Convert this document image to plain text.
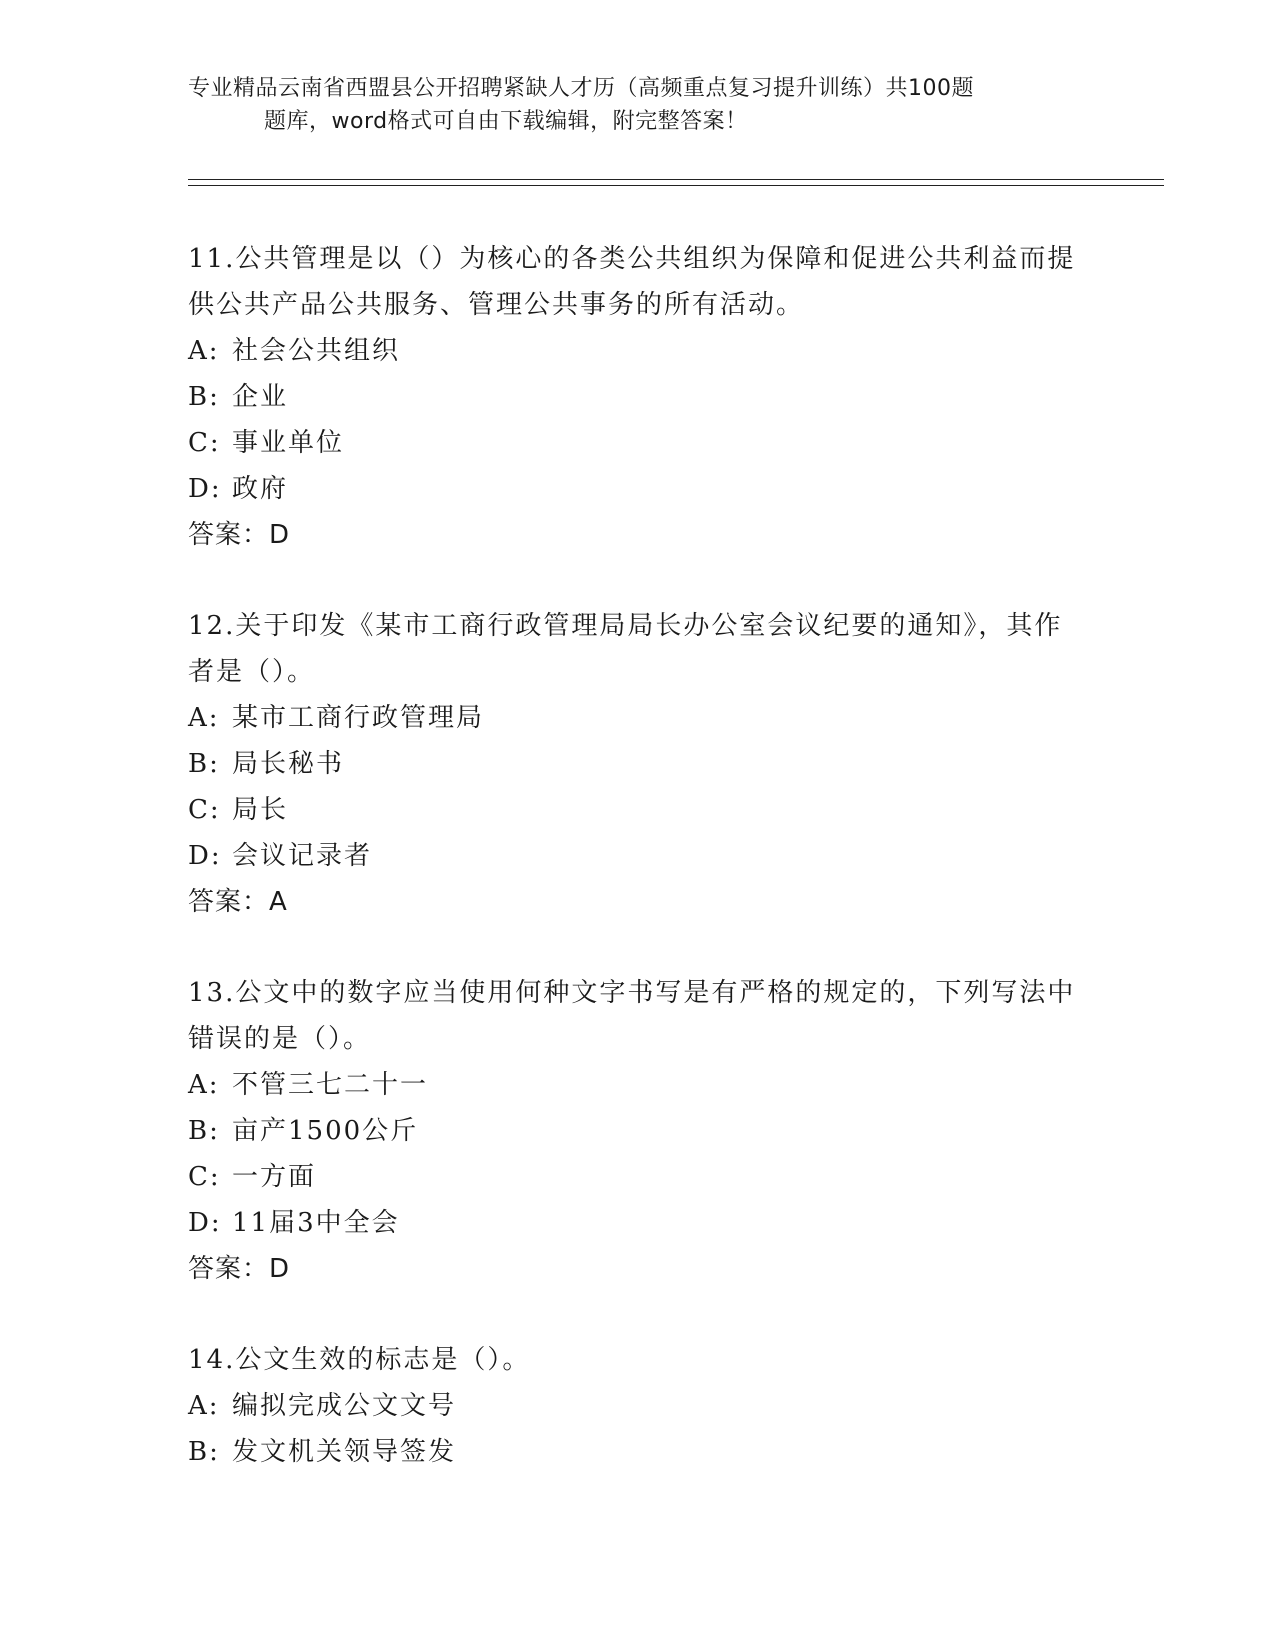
专业精品云南省西盟县公开招聘紧缺人才历（高频重点复习提升训练）共100题
题库，word格式可自由下载编辑，附完整答案！

11.公共管理是以（）为核心的各类公共组织为保障和促进公共利益而提供公共产品公共服务、管理公共事务的所有活动。

A: 社会公共组织

B: 企业

C: 事业单位

D: 政府

答案：D

12.关于印发《某市工商行政管理局局长办公室会议纪要的通知》，其作者是（）。

A: 某市工商行政管理局

B: 局长秘书

C: 局长

D: 会议记录者

答案：A

13.公文中的数字应当使用何种文字书写是有严格的规定的，下列写法中错误的是（）。

A: 不管三七二十一

B: 亩产1500公斤

C: 一方面

D: 11届3中全会

答案：D

14.公文生效的标志是（）。

A: 编拟完成公文文号

B: 发文机关领导签发
